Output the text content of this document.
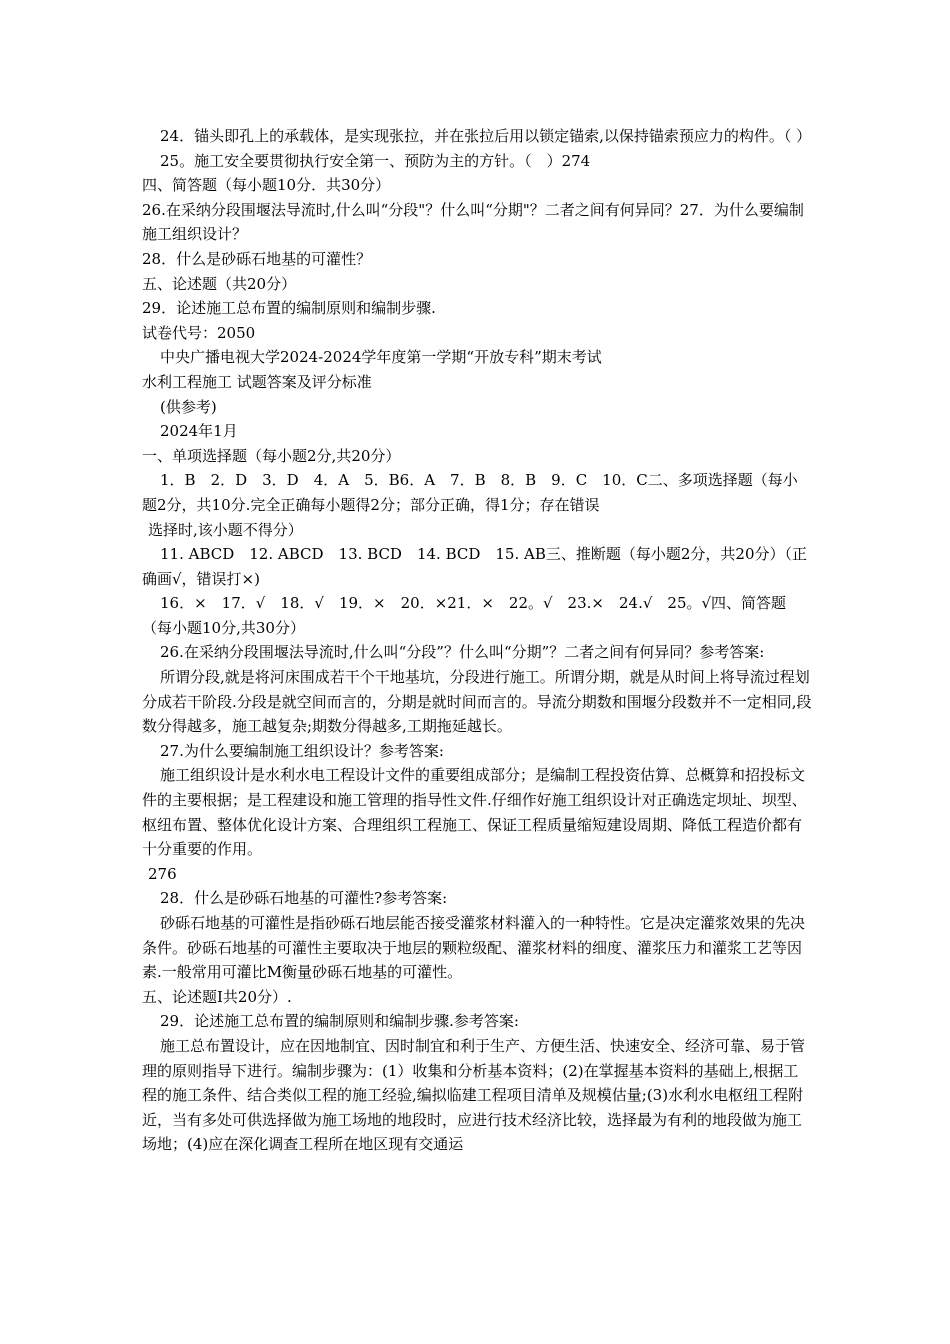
24．锚头即孔上的承载体，是实现张拉，并在张拉后用以锁定锚索,以保持锚索预应力的构件。（ ）

25。施工安全要贯彻执行安全第一、预防为主的方针。（　）274

四、简答题（每小题10分．共30分）

26.在采纳分段围堰法导流时,什么叫“分段"？什么叫“分期"？二者之间有何异同？27．为什么要编制施工组织设计？

28．什么是砂砾石地基的可灌性？

五、论述题（共20分）

29．论述施工总布置的编制原则和编制步骤.

试卷代号：2050

中央广播电视大学2024-2024学年度第一学期“开放专科”期末考试

水利工程施工 试题答案及评分标准

(供参考)

2024年1月

一、单项选择题（每小题2分,共20分）

1．B　2．D　3．D　4．A　5．B6．A　7．B　8．B　9．C　10．C二、多项选择题（每小题2分，共10分.完全正确每小题得2分；部分正确，得1分；存在错误

选择时,该小题不得分）

11. ABCD　12. ABCD　13. BCD　14. BCD　15. AB三、推断题（每小题2分，共20分）（正确画√，错误打×)

16．×　17．√　18．√　19．×　20．×21．×　22。√　23.×　24.√　25。√四、简答题（每小题10分,共30分）

26.在采纳分段围堰法导流时,什么叫“分段”？什么叫“分期”？二者之间有何异同？参考答案:

所谓分段,就是将河床围成若干个干地基坑，分段进行施工。所谓分期，就是从时间上将导流过程划分成若干阶段.分段是就空间而言的，分期是就时间而言的。导流分期数和围堰分段数并不一定相同,段数分得越多，施工越复杂;期数分得越多,工期拖延越长。

27.为什么要编制施工组织设计？参考答案:

施工组织设计是水利水电工程设计文件的重要组成部分；是编制工程投资估算、总概算和招投标文件的主要根据；是工程建设和施工管理的指导性文件.仔细作好施工组织设计对正确选定坝址、坝型、枢纽布置、整体优化设计方案、合理组织工程施工、保证工程质量缩短建设周期、降低工程造价都有十分重要的作用。

276

28．什么是砂砾石地基的可灌性?参考答案:

砂砾石地基的可灌性是指砂砾石地层能否接受灌浆材料灌入的一种特性。它是决定灌浆效果的先决条件。砂砾石地基的可灌性主要取决于地层的颗粒级配、灌浆材料的细度、灌浆压力和灌浆工艺等因素.一般常用可灌比M衡量砂砾石地基的可灌性。

五、论述题I共20分）.

29．论述施工总布置的编制原则和编制步骤.参考答案:

施工总布置设计，应在因地制宜、因时制宜和利于生产、方便生活、快速安全、经济可靠、易于管理的原则指导下进行。编制步骤为：(1）收集和分析基本资料；(2)在掌握基本资料的基础上,根据工程的施工条件、结合类似工程的施工经验,编拟临建工程项目清单及规模估量;(3)水利水电枢纽工程附近，当有多处可供选择做为施工场地的地段时，应进行技术经济比较，选择最为有利的地段做为施工场地；(4)应在深化调查工程所在地区现有交通运
